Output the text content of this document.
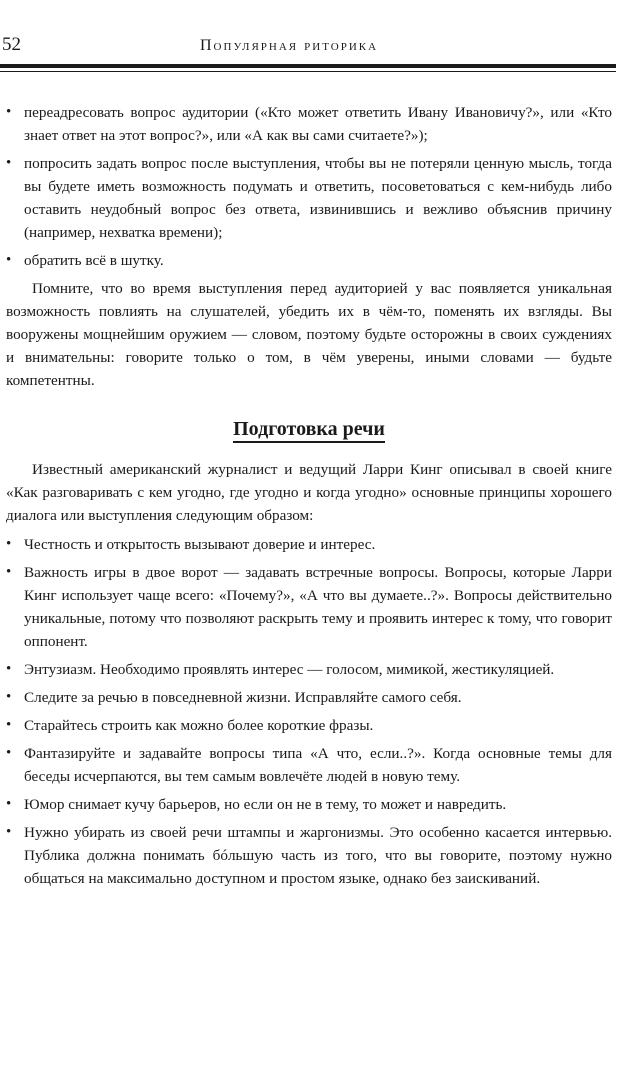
52	Популярная риторика
• переадресовать вопрос аудитории («Кто может ответить Ивану Ивановичу?», или «Кто знает ответ на этот вопрос?», или «А как вы сами считаете?»);
• попросить задать вопрос после выступления, чтобы вы не потеряли ценную мысль, тогда вы будете иметь возможность подумать и ответить, посоветоваться с кем-нибудь либо оставить неудобный вопрос без ответа, извинившись и вежливо объяснив причину (например, нехватка времени);
• обратить всё в шутку.

Помните, что во время выступления перед аудиторией у вас появляется уникальная возможность повлиять на слушателей, убедить их в чём-то, поменять их взгляды. Вы вооружены мощнейшим оружием — словом, поэтому будьте осторожны в своих суждениях и внимательны: говорите только о том, в чём уверены, иными словами — будьте компетентны.

Подготовка речи

Известный американский журналист и ведущий Ларри Кинг описывал в своей книге «Как разговаривать с кем угодно, где угодно и когда угодно» основные принципы хорошего диалога или выступления следующим образом:

• Честность и открытость вызывают доверие и интерес.
• Важность игры в двое ворот — задавать встречные вопросы. Вопросы, которые Ларри Кинг использует чаще всего: «Почему?», «А что вы думаете..?». Вопросы действительно уникальные, потому что позволяют раскрыть тему и проявить интерес к тому, что говорит оппонент.
• Энтузиазм. Необходимо проявлять интерес — голосом, мимикой, жестикуляцией.
• Следите за речью в повседневной жизни. Исправляйте самого себя.
• Старайтесь строить как можно более короткие фразы.
• Фантазируйте и задавайте вопросы типа «А что, если..?». Когда основные темы для беседы исчерпаются, вы тем самым вовлечёте людей в новую тему.
• Юмор снимает кучу барьеров, но если он не в тему, то может и навредить.
• Нужно убирать из своей речи штампы и жаргонизмы. Это особенно касается интервью. Публика должна понимать бóльшую часть из того, что вы говорите, поэтому нужно общаться на максимально доступном и простом языке, однако без заискиваний.
